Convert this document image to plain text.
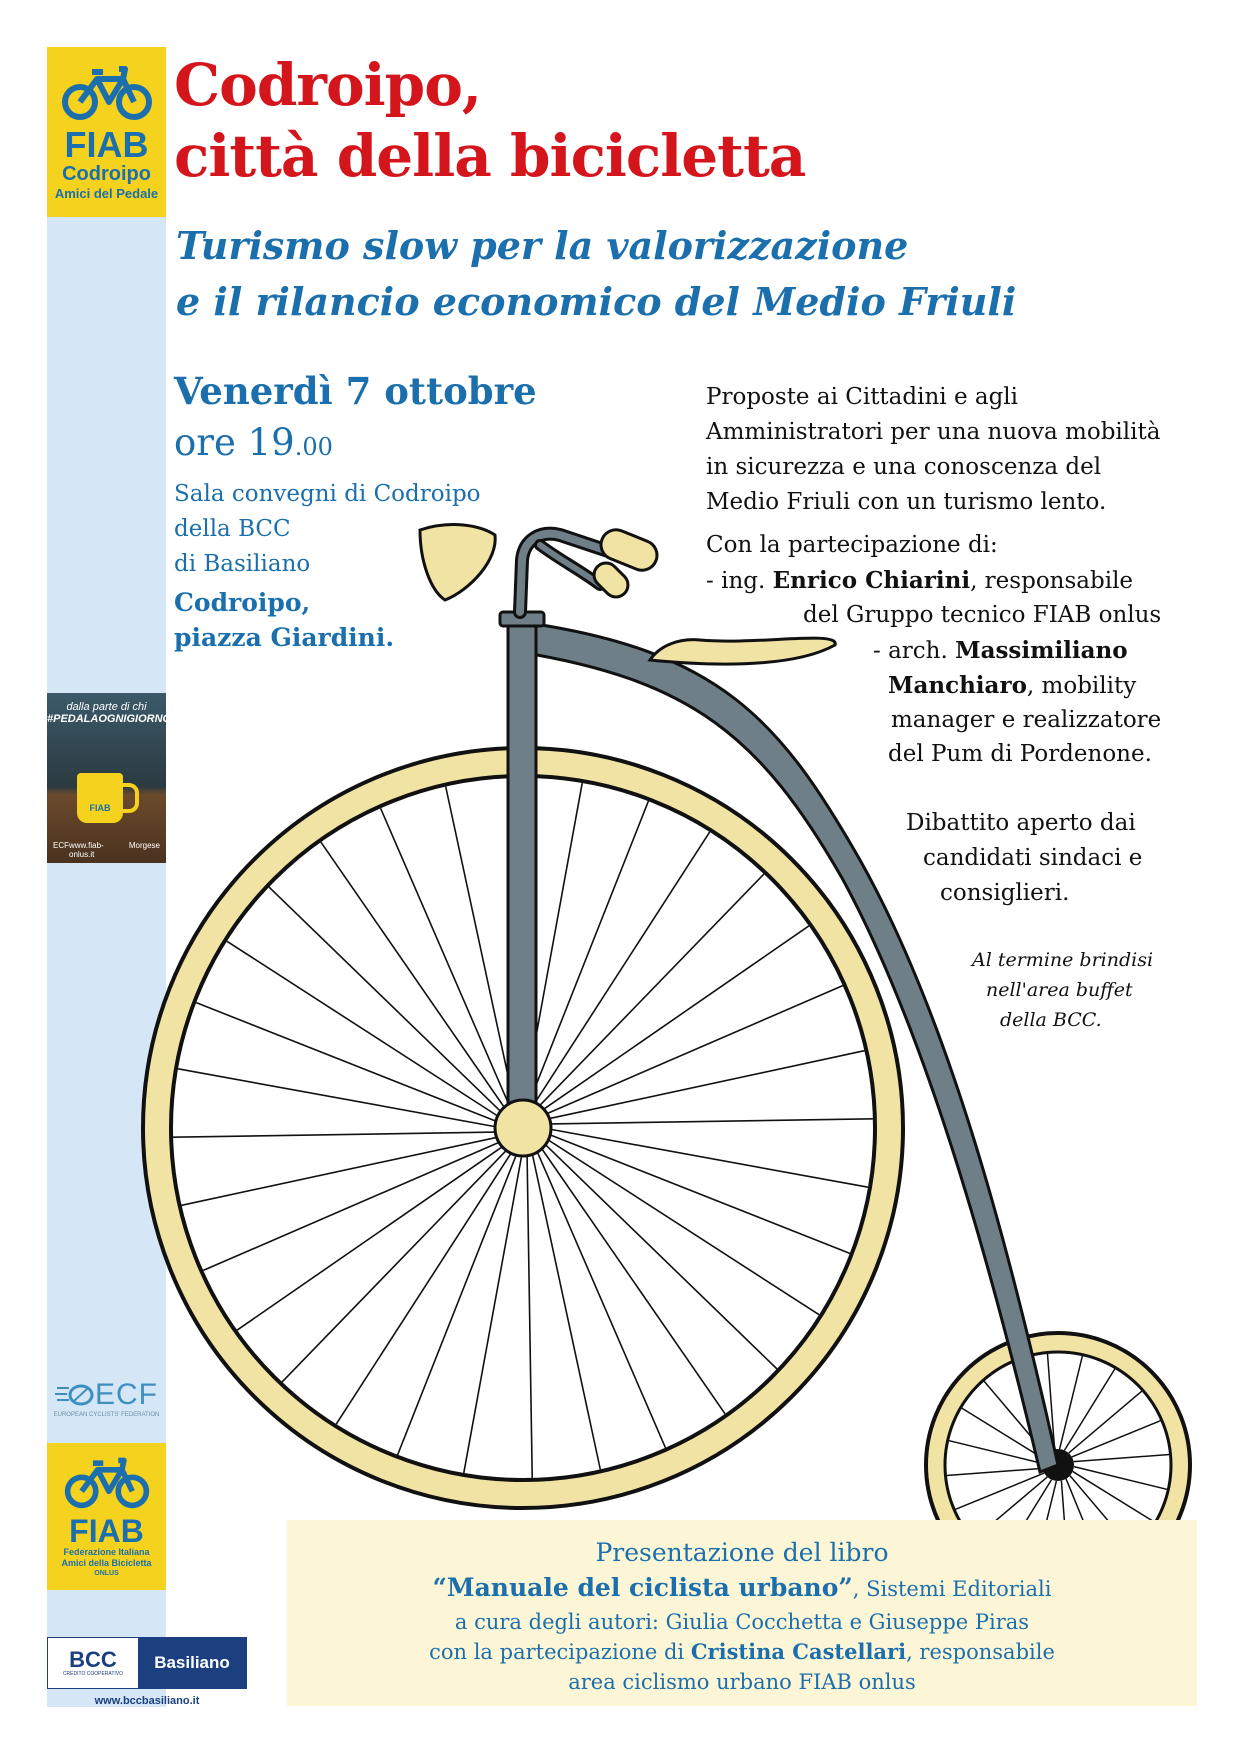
FIAB
Codroipo
Amici del Pedale
dalla parte di chi
#PEDALAOGNIGIORNO
FIAB
ECF www.fiab-onlus.it
Morgese
ECF
EUROPEAN CYCLISTS' FEDERATION
FIAB
Federazione Italiana
Amici della Bicicletta
ONLUS
BCC
CREDITO COOPERATIVO
Basiliano
www.bccbasiliano.it
Codroipo,
città della bicicletta
Turismo slow per la valorizzazione
e il rilancio economico del Medio Friuli
Venerdì 7 ottobre
ore 19.00
Sala convegni di Codroipo
della BCC
di Basiliano
Codroipo,
piazza Giardini.
Proposte ai Cittadini e agli
Amministratori per una nuova mobilità
in sicurezza e una conoscenza del
Medio Friuli con un turismo lento.
Con la partecipazione di:
- ing. Enrico Chiarini, responsabile
del Gruppo tecnico FIAB onlus
- arch. Massimiliano
Manchiaro, mobility
manager e realizzatore
del Pum di Pordenone.
Dibattito aperto dai
candidati sindaci e
consiglieri.
Al termine brindisi
nell'area buffet
della BCC.
Presentazione del libro
“Manuale del ciclista urbano”, Sistemi Editoriali
a cura degli autori: Giulia Cocchetta e Giuseppe Piras
con la partecipazione di Cristina Castellari, responsabile
area ciclismo urbano FIAB onlus
